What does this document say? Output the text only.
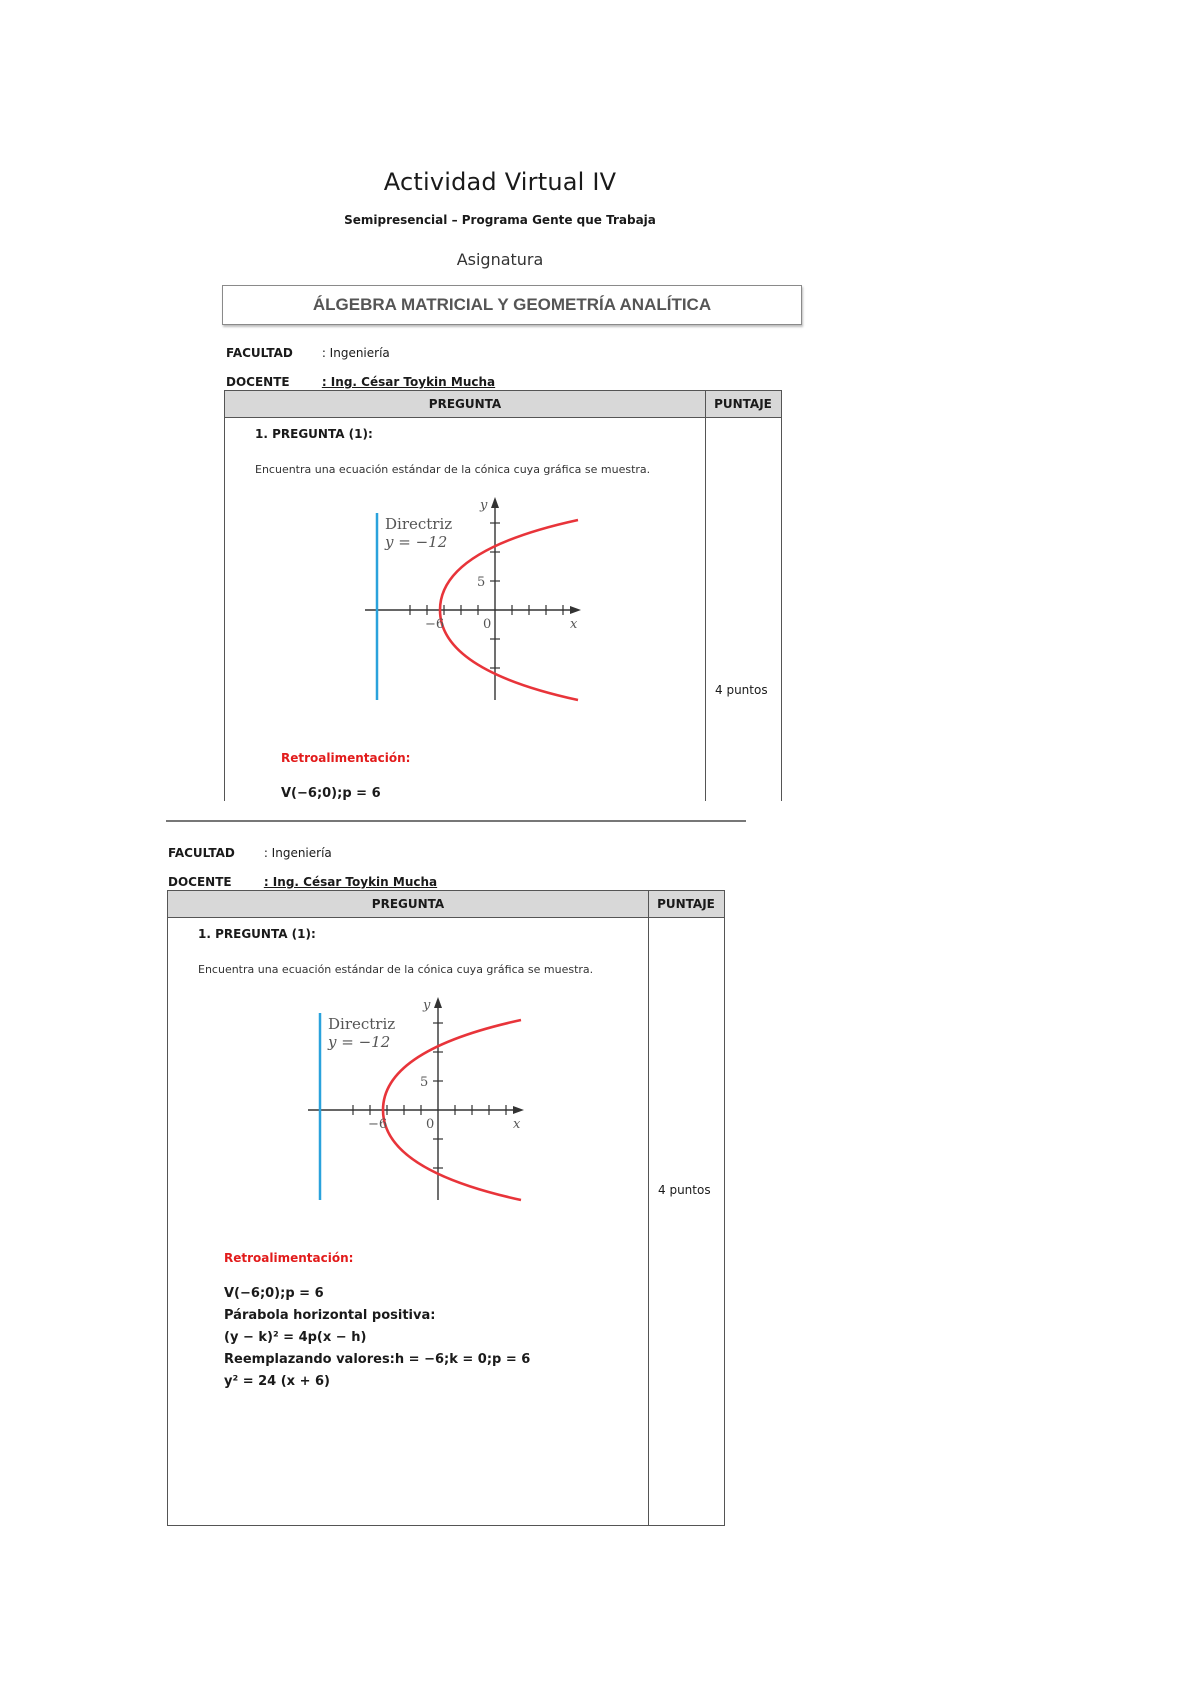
Actividad Virtual IV
Semipresencial – Programa Gente que Trabaja
Asignatura
ÁLGEBRA MATRICIAL Y GEOMETRÍA ANALÍTICA
FACULTAD : Ingeniería
DOCENTE	: Ing. César Toykin Mucha
PREGUNTA	PUNTAJE
1. PREGUNTA (1):
Encuentra una ecuación estándar de la cónica cuya gráfica se muestra.
4 puntos
Retroalimentación:
V(−6;0);p = 6
Directriz
y = −12
y
x
5
−6	0
FACULTAD : Ingeniería
DOCENTE	: Ing. César Toykin Mucha
PREGUNTA	PUNTAJE
1. PREGUNTA (1):
Encuentra una ecuación estándar de la cónica cuya gráfica se muestra.
4 puntos
Retroalimentación:
V(−6;0);p = 6
Párabola horizontal positiva:
(y − k)² = 4p(x − h)
Reemplazando valores:h = −6;k = 0;p = 6
y² = 24 (x + 6)
Directriz
y = −12
y
x
5
−6	0
